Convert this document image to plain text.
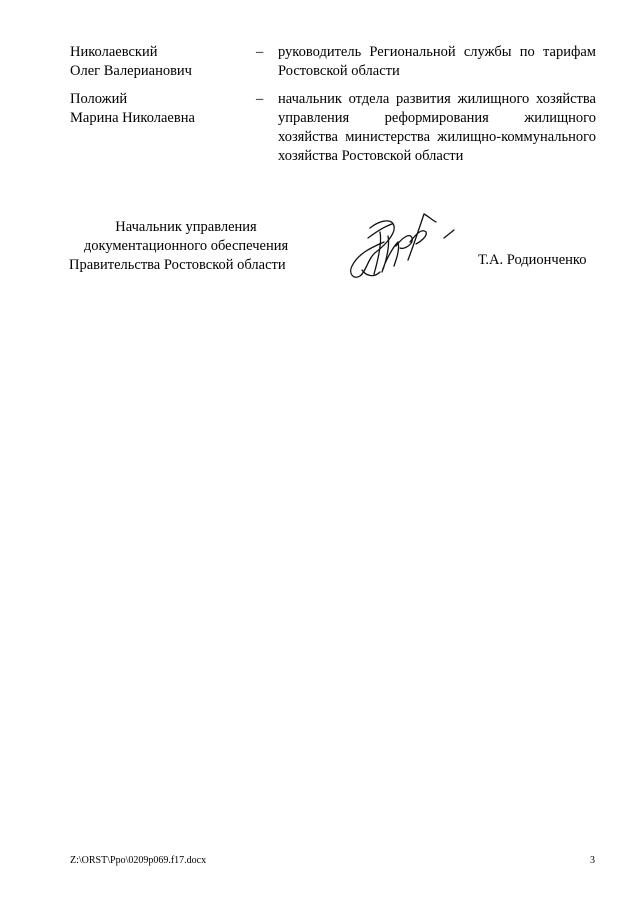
Николаевский
Олег Валерианович
– руководитель Региональной службы по тарифам Ростовской области
Положий
Марина Николаевна
– начальник отдела развития жилищного хозяйства управления реформирования жилищного хозяйства министерства жилищно-коммунального хозяйства Ростовской области
Начальник управления
документационного обеспечения
Правительства Ростовской области	Т.А. Родионченко
Z:\ORST\Ppo\0209p069.f17.docx	3
